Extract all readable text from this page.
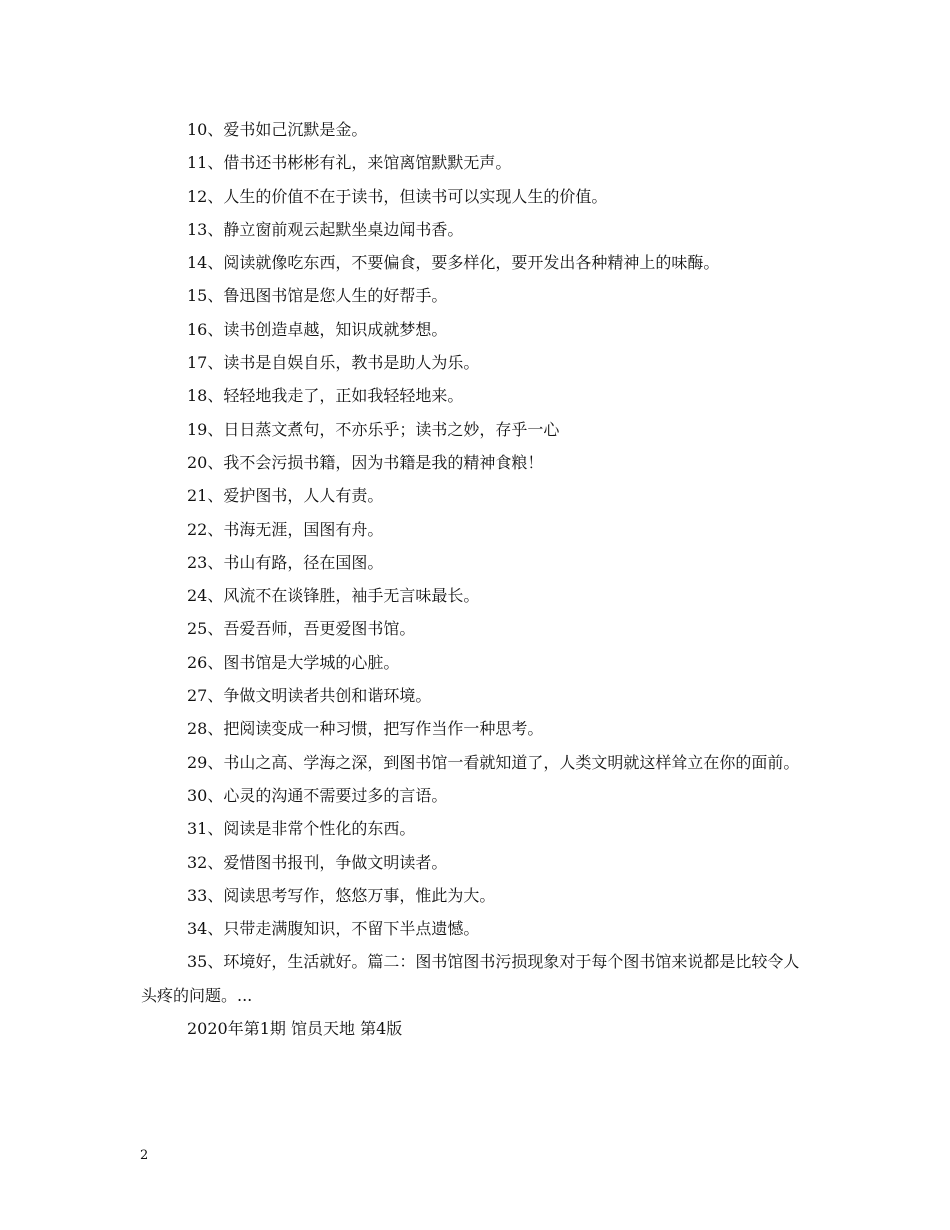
10、爱书如己沉默是金。

11、借书还书彬彬有礼，来馆离馆默默无声。

12、人生的价值不在于读书，但读书可以实现人生的价值。

13、静立窗前观云起默坐桌边闻书香。

14、阅读就像吃东西，不要偏食，要多样化，要开发出各种精神上的味酶。

15、鲁迅图书馆是您人生的好帮手。

16、读书创造卓越，知识成就梦想。

17、读书是自娱自乐，教书是助人为乐。

18、轻轻地我走了，正如我轻轻地来。

19、日日蒸文煮句，不亦乐乎；读书之妙，存乎一心

20、我不会污损书籍，因为书籍是我的精神食粮！

21、爱护图书，人人有责。

22、书海无涯，国图有舟。

23、书山有路，径在国图。

24、风流不在谈锋胜，袖手无言味最长。

25、吾爱吾师，吾更爱图书馆。

26、图书馆是大学城的心脏。

27、争做文明读者共创和谐环境。

28、把阅读变成一种习惯，把写作当作一种思考。

29、书山之高、学海之深，到图书馆一看就知道了，人类文明就这样耸立在你的面前。

30、心灵的沟通不需要过多的言语。

31、阅读是非常个性化的东西。

32、爱惜图书报刊，争做文明读者。

33、阅读思考写作，悠悠万事，惟此为大。

34、只带走满腹知识，不留下半点遗憾。

35、环境好，生活就好。篇二：图书馆图书污损现象对于每个图书馆来说都是比较令人头疼的问题。...

2020年第1期 馆员天地 第4版

2
